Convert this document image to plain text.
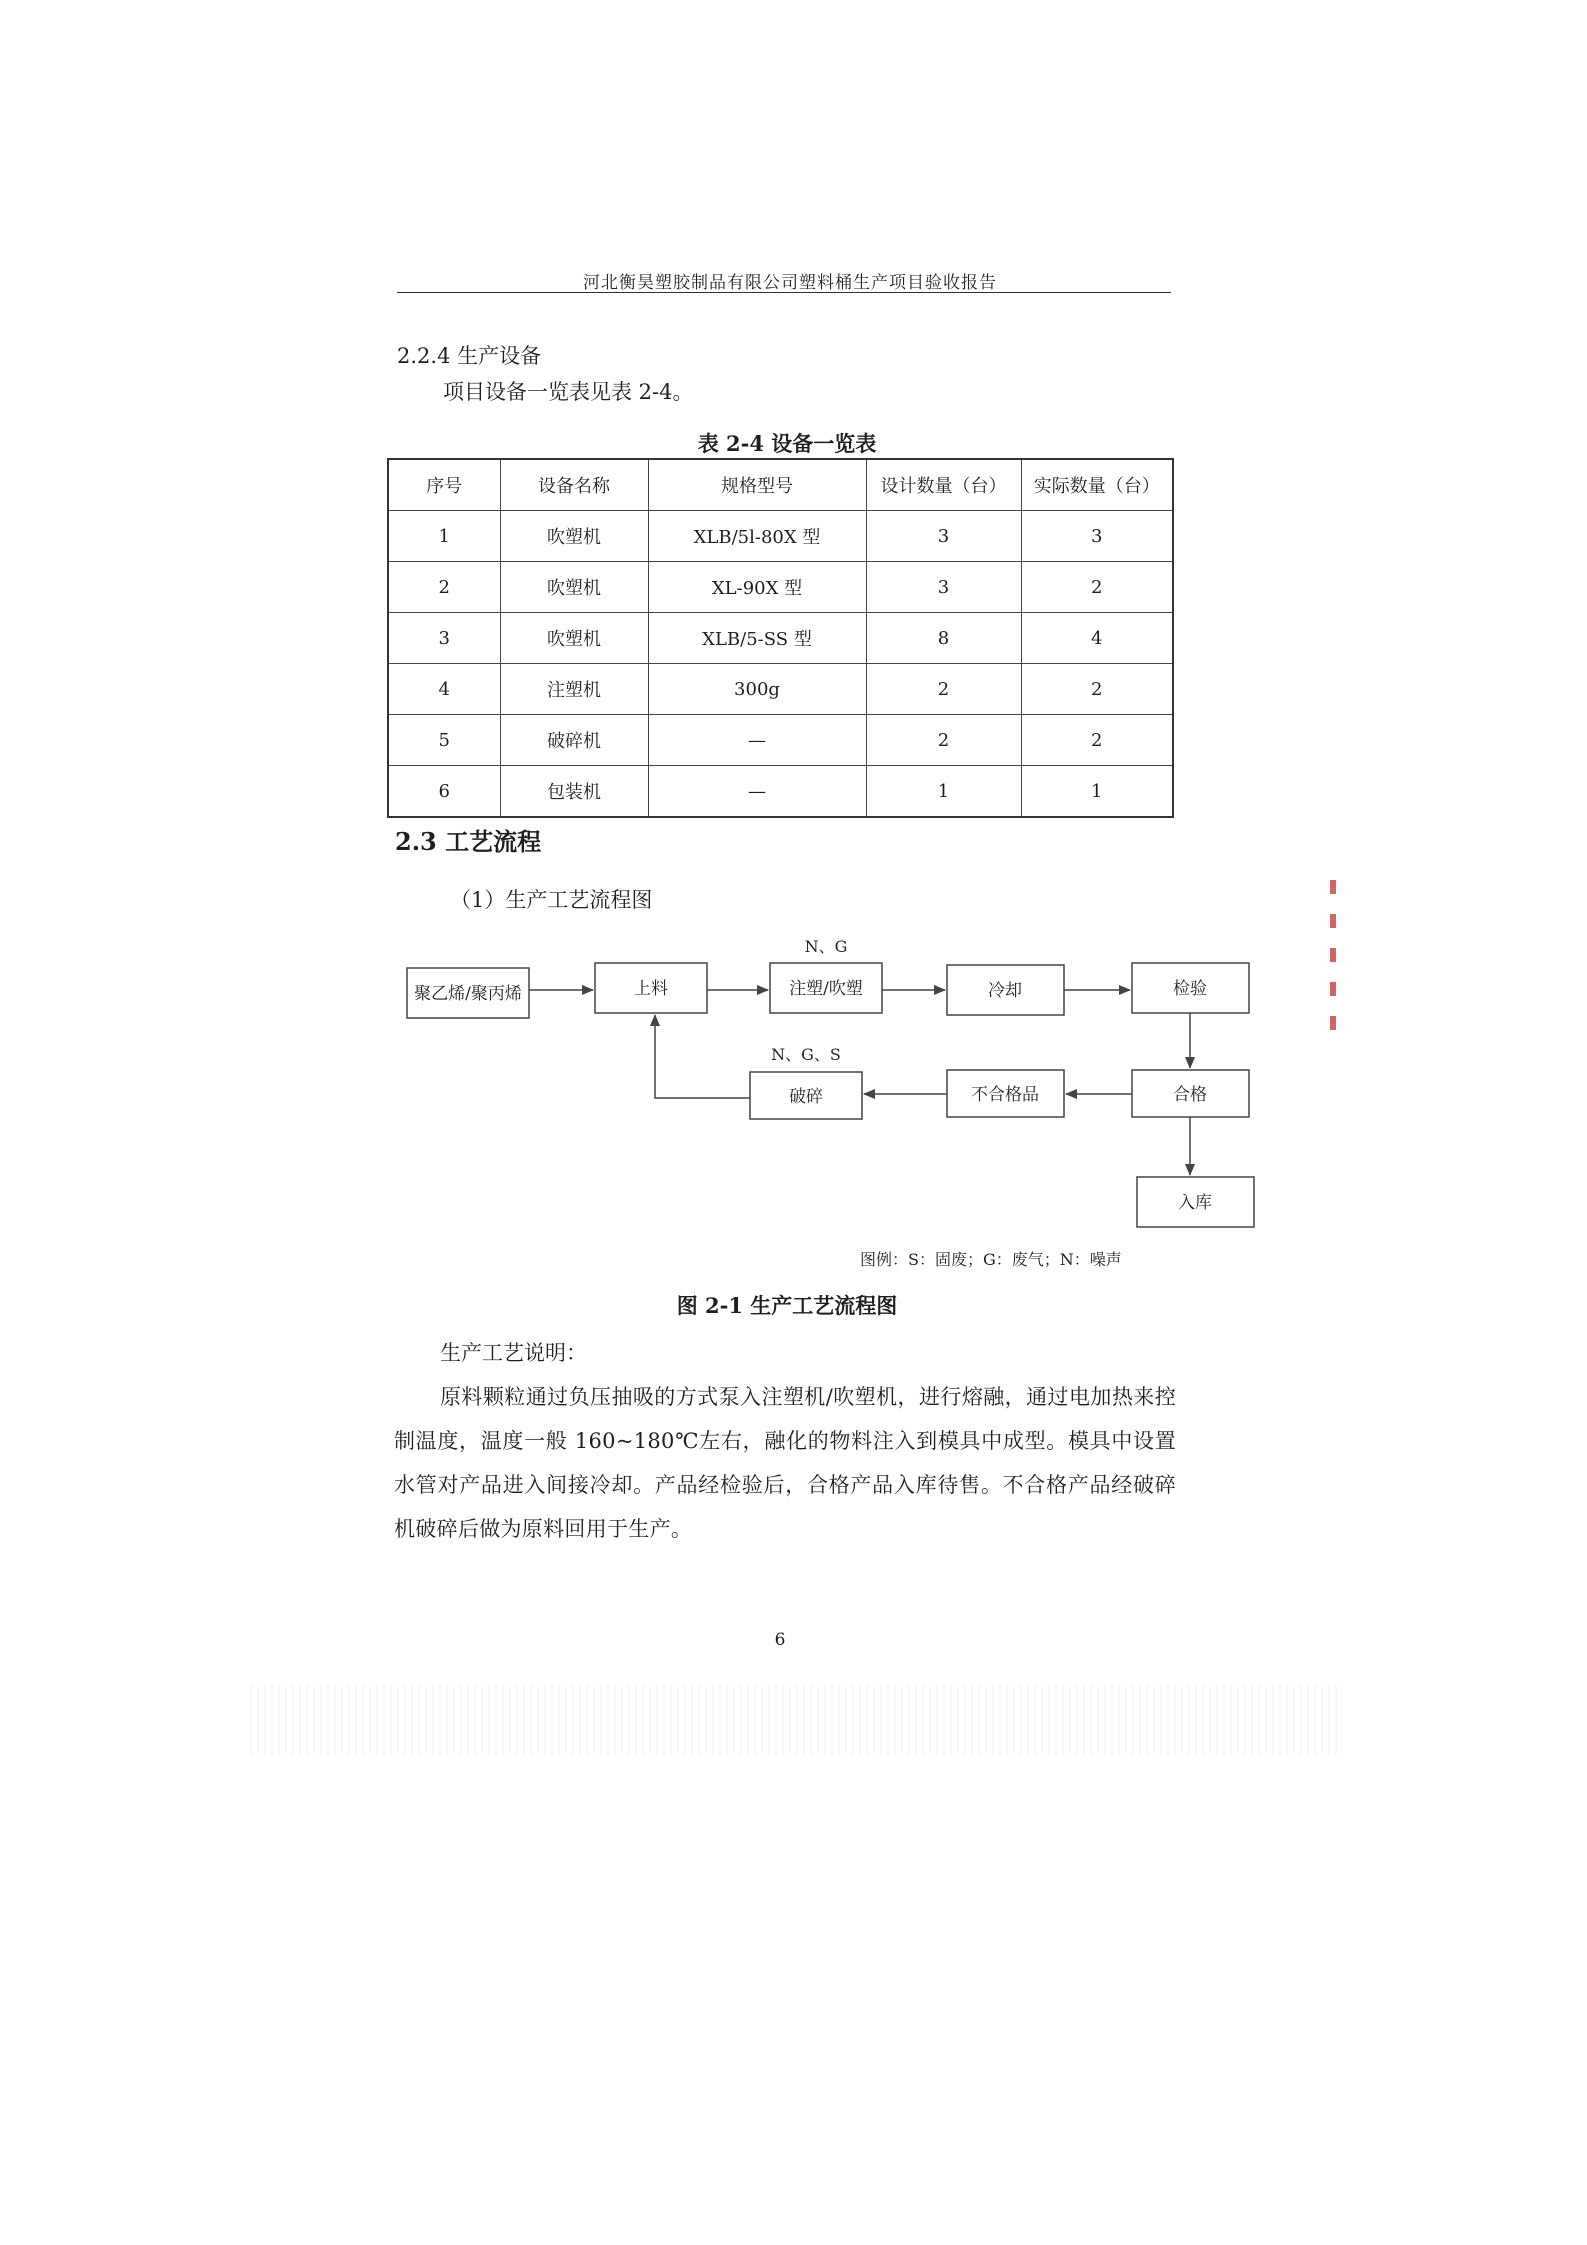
河北衡昊塑胶制品有限公司塑料桶生产项目验收报告
2.2.4 生产设备
项目设备一览表见表 2-4。
表 2-4 设备一览表
序号	设备名称	规格型号	设计数量（台）	实际数量（台）
1	吹塑机	XLB/5l-80X 型	3	3
2	吹塑机	XL-90X 型	3	2
3	吹塑机	XLB/5-SS 型	8	4
4	注塑机	300g	2	2
5	破碎机	—	2	2
6	包装机	—	1	1
2.3 工艺流程
（1）生产工艺流程图
聚乙烯/聚丙烯	上料	注塑/吹塑	冷却	检验
合格
不合格品
破碎
入库
N、G
N、G、S
图例：S：固废；G：废气；N：噪声
图 2-1 生产工艺流程图
生产工艺说明：
原料颗粒通过负压抽吸的方式泵入注塑机/吹塑机，进行熔融，通过电加热来控制温度，温度一般 160~180℃左右，融化的物料注入到模具中成型。模具中设置水管对产品进入间接冷却。产品经检验后，合格产品入库待售。不合格产品经破碎机破碎后做为原料回用于生产。
6
